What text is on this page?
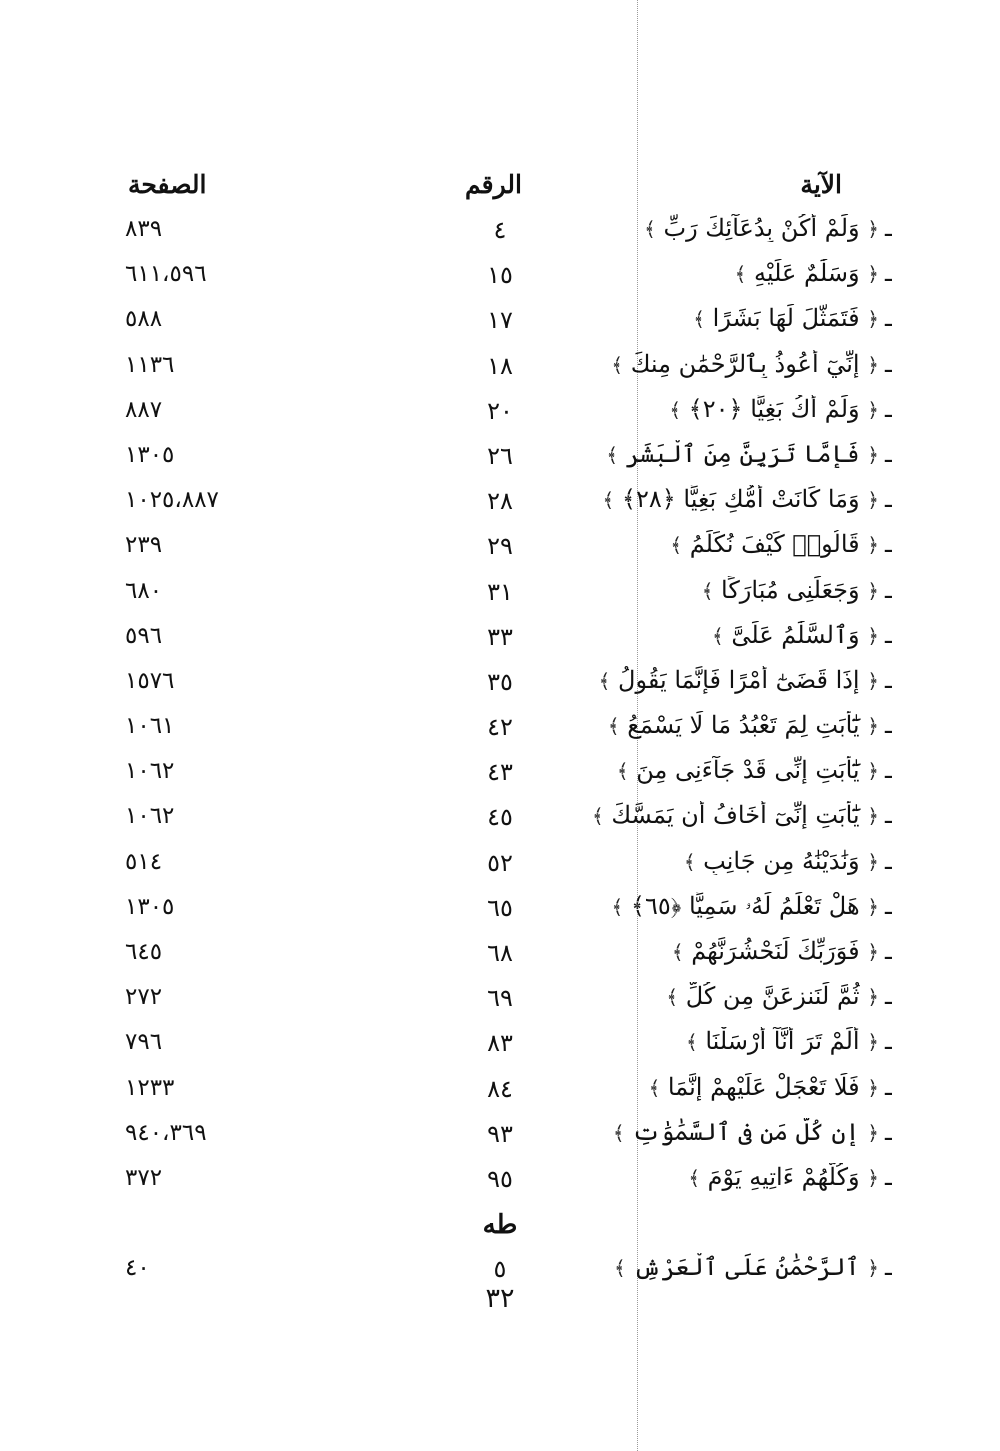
الآية
الرقم
الصفحة
ـ﴿ وَلَمْ أَكُنْ بِدُعَآئِكَ رَبِّ ﴾
٤
٨٣٩
ـ﴿ وَسَلَٰمٌ عَلَيْهِ ﴾
١٥
٦١١،٥٩٦
ـ﴿ فَتَمَثَّلَ لَهَا بَشَرًا ﴾
١٧
٥٨٨
ـ﴿ إِنِّيٓ أَعُوذُ بِٱلرَّحْمَٰنِ مِنكَ ﴾
١٨
١١٣٦
ـ﴿ وَلَمْ أَكُ بَغِيًّا ﴿٢٠﴾ ﴾
٢٠
٨٨٧
ـ﴿ فَإِمَّا تَرَيِنَّ مِنَ ٱلْبَشَرِ ﴾
٢٦
١٣٠٥
ـ﴿ وَمَا كَانَتْ أُمُّكِ بَغِيًّا ﴿٢٨﴾ ﴾
٢٨
١٠٢٥،٨٨٧
ـ﴿ قَالُوا۟ كَيْفَ نُكَلِّمُ ﴾
٢٩
٢٣٩
ـ﴿ وَجَعَلَنِى مُبَارَكًا ﴾
٣١
٦٨٠
ـ﴿ وَٱلسَّلَٰمُ عَلَىَّ ﴾
٣٣
٥٩٦
ـ﴿ إِذَا قَضَىٰٓ أَمْرًا فَإِنَّمَا يَقُولُ ﴾
٣٥
١٥٧٦
ـ﴿ يَٰٓأَبَتِ لِمَ تَعْبُدُ مَا لَا يَسْمَعُ ﴾
٤٢
١٠٦١
ـ﴿ يَٰٓأَبَتِ إِنِّى قَدْ جَآءَنِى مِنَ ﴾
٤٣
١٠٦٢
ـ﴿ يَٰٓأَبَتِ إِنِّىٓ أَخَافُ أَن يَمَسَّكَ ﴾
٤٥
١٠٦٢
ـ﴿ وَنَٰدَيْنَٰهُ مِن جَانِبِ ﴾
٥٢
٥١٤
ـ﴿ هَلْ تَعْلَمُ لَهُۥ سَمِيًّا ﴿٦٥﴾ ﴾
٦٥
١٣٠٥
ـ﴿ فَوَرَبِّكَ لَنَحْشُرَنَّهُمْ ﴾
٦٨
٦٤٥
ـ﴿ ثُمَّ لَنَنزِعَنَّ مِن كُلِّ ﴾
٦٩
٢٧٢
ـ﴿ أَلَمْ تَرَ أَنَّآ أَرْسَلْنَا ﴾
٨٣
٧٩٦
ـ﴿ فَلَا تَعْجَلْ عَلَيْهِمْ إِنَّمَا ﴾
٨٤
١٢٣٣
ـ﴿ إِن كُلُّ مَن فِى ٱلسَّمَٰوَٰتِ ﴾
٩٣
٩٤٠،٣٦٩
ـ﴿ وَكُلُّهُمْ ءَاتِيهِ يَوْمَ ﴾
٩٥
٣٧٢
طه
ـ﴿ ٱلرَّحْمَٰنُ عَلَى ٱلْعَرْشِ ﴾
٥
٤٠
٣٢
